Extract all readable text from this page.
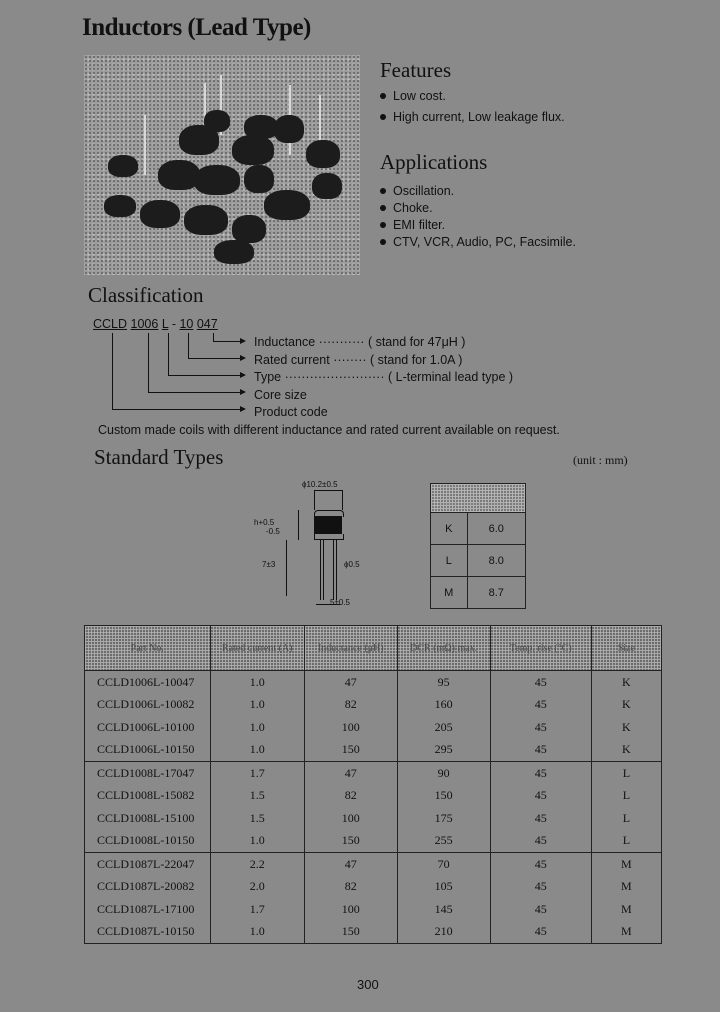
Inductors (Lead Type)
Features
Low cost.
High current, Low leakage flux.
Applications
Oscillation.
Choke.
EMI filter.
CTV, VCR, Audio, PC, Facsimile.
Classification
CCLD 1006 L - 10 047
Inductance ··········· ( stand for 47μH )
Rated current ········ ( stand for 1.0A )
Type ························ ( L-terminal lead type )
Core size
Product code
Custom made coils with different inductance and rated current available on request.
Standard Types	(unit : mm)
ϕ10.2±0.5
h+0.5
-0.5
7±3	ϕ0.5
5±0.5

K	6.0
L	8.0
M	8.7
Part No.	Rated current (A)	Inductance (μH)	DCR (mΩ) max.	Temp. rise (°C)	Size
CCLD1006L-10047	1.0	47	95	45	K
CCLD1006L-10082	1.0	82	160	45	K
CCLD1006L-10100	1.0	100	205	45	K
CCLD1006L-10150	1.0	150	295	45	K
CCLD1008L-17047	1.7	47	90	45	L
CCLD1008L-15082	1.5	82	150	45	L
CCLD1008L-15100	1.5	100	175	45	L
CCLD1008L-10150	1.0	150	255	45	L
CCLD1087L-22047	2.2	47	70	45	M
CCLD1087L-20082	2.0	82	105	45	M
CCLD1087L-17100	1.7	100	145	45	M
CCLD1087L-10150	1.0	150	210	45	M
300
